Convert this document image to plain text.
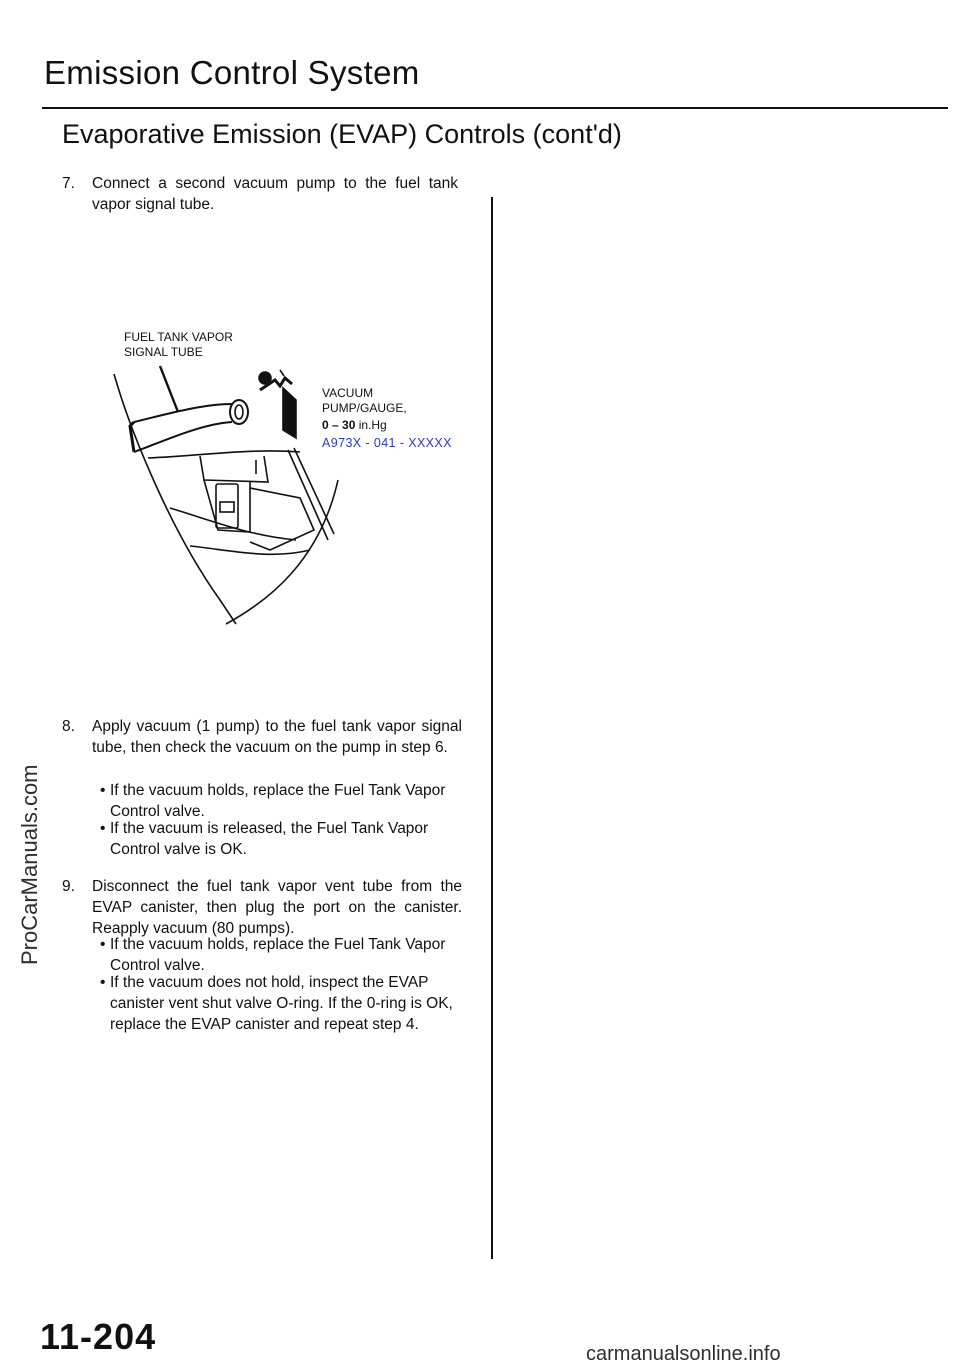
Emission Control System
Evaporative Emission (EVAP) Controls (cont'd)
7. Connect a second vacuum pump to the fuel tank vapor signal tube.
FUEL TANK VAPOR
SIGNAL TUBE
VACUUM
PUMP/GAUGE,
0 – 30 in.Hg
A973X - 041 - XXXXX
8. Apply vacuum (1 pump) to the fuel tank vapor signal tube, then check the vacuum on the pump in step 6.
• If the vacuum holds, replace the Fuel Tank Vapor Control valve.
• If the vacuum is released, the Fuel Tank Vapor Control valve is OK.
9. Disconnect the fuel tank vapor vent tube from the EVAP canister, then plug the port on the canister. Reapply vacuum (80 pumps).
• If the vacuum holds, replace the Fuel Tank Vapor Control valve.
• If the vacuum does not hold, inspect the EVAP canister vent shut valve O-ring. If the 0-ring is OK, replace the EVAP canister and repeat step 4.
ProCarManuals.com
11-204	carmanualsonline.info
